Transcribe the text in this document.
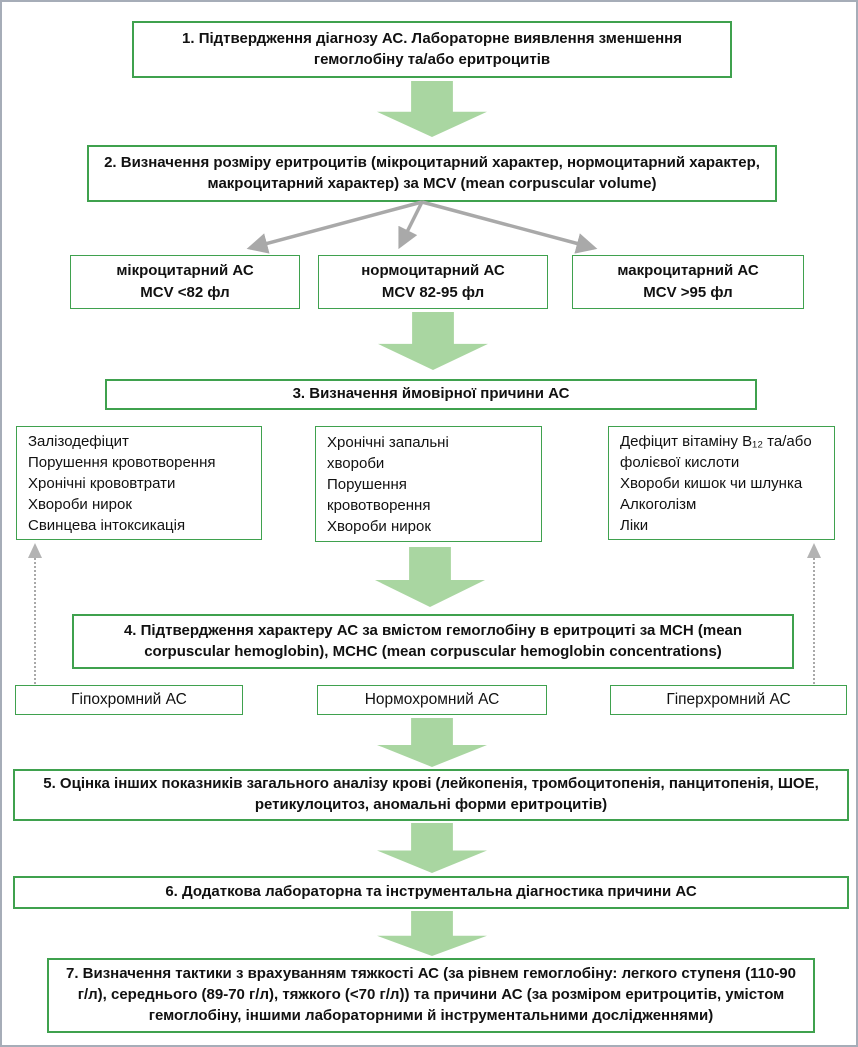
1. Підтвердження діагнозу АС. Лабораторне виявлення зменшення гемоглобіну та/або еритроцитів
2. Визначення розміру еритроцитів (мікроцитарний характер, нормоцитарний характер, макроцитарний характер) за MCV (mean corpuscular volume)
мікроцитарний АС
MCV <82 фл
нормоцитарний АС
MCV 82-95 фл
макроцитарний АС
MCV >95 фл
3. Визначення ймовірної причини АС
Залізодефіцит
Порушення кровотворення
Хронічні крововтрати
Хвороби нирок
Свинцева інтоксикація
Хронічні запальні хвороби
Порушення кровотворення
Хвороби нирок
Дефіцит вітаміну B₁₂ та/або фолієвої кислоти
Хвороби кишок чи шлунка
Алкоголізм
Ліки
4. Підтвердження характеру АС за вмістом гемоглобіну в еритроциті за MCH (mean corpuscular hemoglobin), MCHC (mean corpuscular hemoglobin concentrations)
Гіпохромний АС	Нормохромний АС	Гіперхромний АС
5. Оцінка інших показників загального аналізу крові (лейкопенія, тромбоцитопенія, панцитопенія, ШОЕ, ретикулоцитоз, аномальні форми еритроцитів)
6. Додаткова лабораторна та інструментальна діагностика причини АС
7. Визначення тактики з врахуванням тяжкості АС (за рівнем гемоглобіну: легкого ступеня (110-90 г/л), середнього (89-70 г/л), тяжкого (<70 г/л)) та причини АС (за розміром еритроцитів, умістом гемоглобіну, іншими лабораторними й інструментальними дослідженнями)
